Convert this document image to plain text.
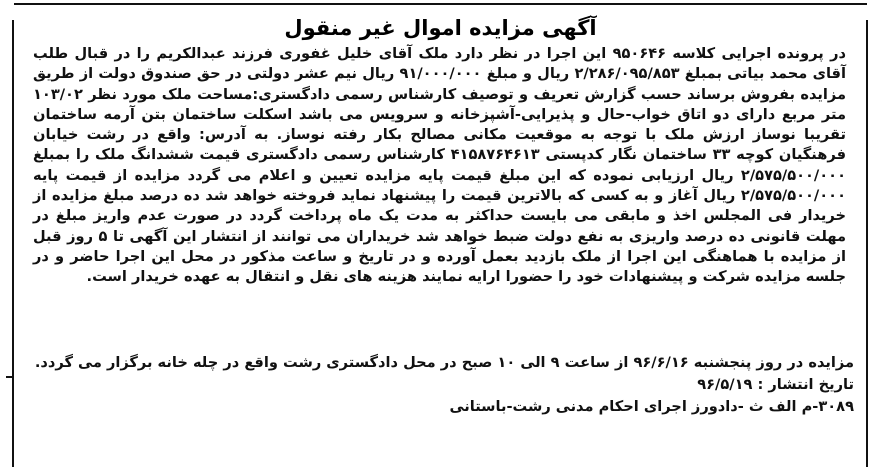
آگهی مزایده اموال غیر منقول
در پرونده اجرایی کلاسه ۹۵۰۶۴۶ این اجرا در نظر دارد ملک آقای خلیل غفوری فرزند عبدالکریم را در قبال طلب آقای محمد بیاتی بمبلغ ۲/۲۸۶/۰۹۵/۸۵۳ ریال و مبلغ ۹۱/۰۰۰/۰۰۰ ریال نیم عشر دولتی در حق صندوق دولت از طریق مزایده بفروش برساند حسب گزارش تعریف و توصیف کارشناس رسمی دادگستری:مساحت ملک مورد نظر ۱۰۳/۰۲ متر مربع دارای دو اتاق خواب-حال و پذیرایی-آشپزخانه و سرویس می باشد اسکلت ساختمان بتن آرمه ساختمان تقریبا نوساز ارزش ملک با توجه به موقعیت مکانی مصالح بکار رفته نوساز. به آدرس: واقع در رشت خیابان فرهنگیان کوچه ۳۳ ساختمان نگار کدپستی ۴۱۵۸۷۶۴۶۱۳ کارشناس رسمی دادگستری قیمت ششدانگ ملک را بمبلغ ۲/۵۷۵/۵۰۰/۰۰۰ ریال ارزیابی نموده که این مبلغ قیمت پایه مزایده تعیین و اعلام می گردد مزایده از قیمت پایه ۲/۵۷۵/۵۰۰/۰۰۰ ریال آغاز و به کسی که بالاترین قیمت را پیشنهاد نماید فروخته خواهد شد ده درصد مبلغ مزایده از خریدار فی المجلس اخذ و مابقی می بایست حداکثر به مدت یک ماه پرداخت گردد در صورت عدم واریز مبلغ در مهلت قانونی ده درصد واریزی به نفع دولت ضبط خواهد شد خریداران می توانند از انتشار این آگهی تا ۵ روز قبل از مزایده با هماهنگی این اجرا از ملک بازدید بعمل آورده و در تاریخ و ساعت مذکور در محل این اجرا حاضر و در جلسه مزایده شرکت و پیشنهادات خود را حضورا ارایه نمایند هزینه های نقل و انتقال به عهده خریدار است.
مزایده در روز پنجشنبه ۹۶/۶/۱۶ از ساعت ۹ الی ۱۰ صبح در محل دادگستری رشت واقع در چله خانه برگزار می گردد.
تاریخ انتشار : ۹۶/۵/۱۹
۳۰۸۹-م الف ث -دادورز اجرای احکام مدنی رشت-باستانی
